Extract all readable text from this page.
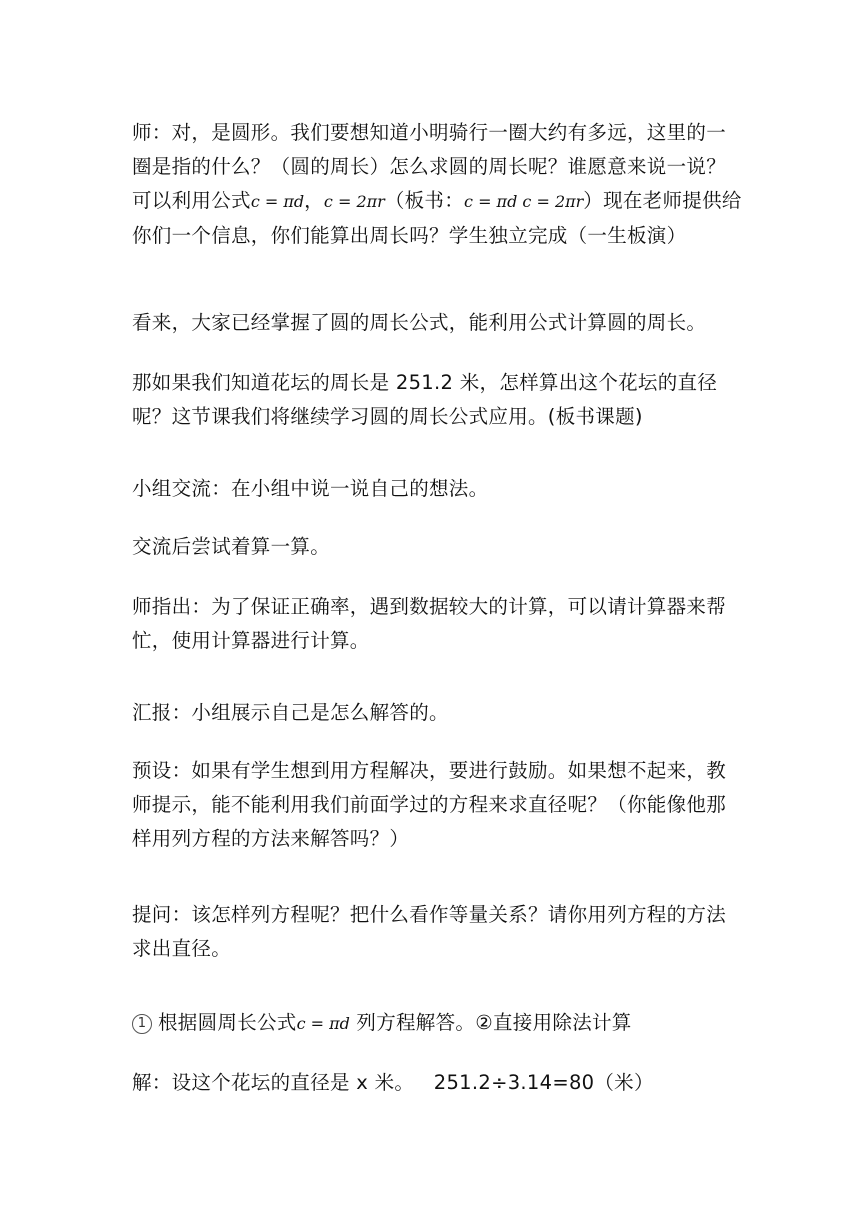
师：对，是圆形。我们要想知道小明骑行一圈大约有多远，这里的一
圈是指的什么？（圆的周长）怎么求圆的周长呢？谁愿意来说一说？
可以利用公式c = πd，c = 2πr（板书：c = πd c = 2πr）现在老师提供给
你们一个信息，你们能算出周长吗？学生独立完成（一生板演）
看来，大家已经掌握了圆的周长公式，能利用公式计算圆的周长。
那如果我们知道花坛的周长是 251.2 米，怎样算出这个花坛的直径
呢？这节课我们将继续学习圆的周长公式应用。(板书课题)
小组交流：在小组中说一说自己的想法。
交流后尝试着算一算。
师指出：为了保证正确率，遇到数据较大的计算，可以请计算器来帮
忙，使用计算器进行计算。
汇报：小组展示自己是怎么解答的。
预设：如果有学生想到用方程解决，要进行鼓励。如果想不起来，教
师提示，能不能利用我们前面学过的方程来求直径呢？（你能像他那
样用列方程的方法来解答吗？）
提问：该怎样列方程呢？把什么看作等量关系？请你用列方程的方法
求出直径。
1 根据圆周长公式c = πd 列方程解答。②直接用除法计算
解：设这个花坛的直径是 x 米。 251.2÷3.14=80（米）
